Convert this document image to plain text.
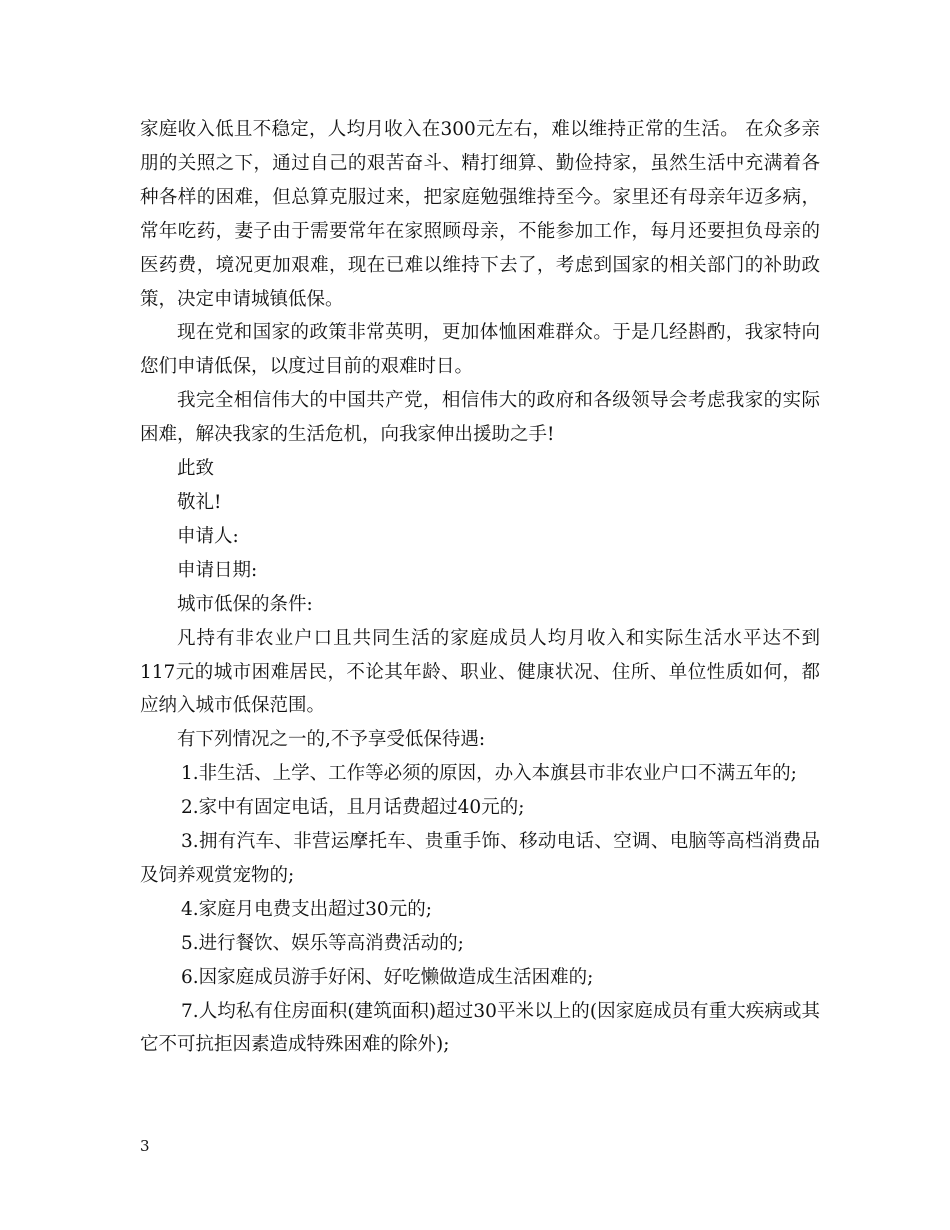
家庭收入低且不稳定，人均月收入在300元左右，难以维持正常的生活。 在众多亲朋的关照之下，通过自己的艰苦奋斗、精打细算、勤俭持家，虽然生活中充满着各种各样的困难，但总算克服过来，把家庭勉强维持至今。家里还有母亲年迈多病，常年吃药，妻子由于需要常年在家照顾母亲，不能参加工作，每月还要担负母亲的医药费，境况更加艰难，现在已难以维持下去了，考虑到国家的相关部门的补助政策，决定申请城镇低保。

现在党和国家的政策非常英明，更加体恤困难群众。于是几经斟酌，我家特向您们申请低保，以度过目前的艰难时日。

我完全相信伟大的中国共产党，相信伟大的政府和各级领导会考虑我家的实际困难，解决我家的生活危机，向我家伸出援助之手!

此致

敬礼!

申请人:

申请日期:

城市低保的条件:

凡持有非农业户口且共同生活的家庭成员人均月收入和实际生活水平达不到117元的城市困难居民，不论其年龄、职业、健康状况、住所、单位性质如何，都应纳入城市低保范围。

有下列情况之一的,不予享受低保待遇:

1.非生活、上学、工作等必须的原因，办入本旗县市非农业户口不满五年的;

2.家中有固定电话，且月话费超过40元的;

3.拥有汽车、非营运摩托车、贵重手饰、移动电话、空调、电脑等高档消费品及饲养观赏宠物的;

4.家庭月电费支出超过30元的;

5.进行餐饮、娱乐等高消费活动的;

6.因家庭成员游手好闲、好吃懒做造成生活困难的;

7.人均私有住房面积(建筑面积)超过30平米以上的(因家庭成员有重大疾病或其它不可抗拒因素造成特殊困难的除外);

3
